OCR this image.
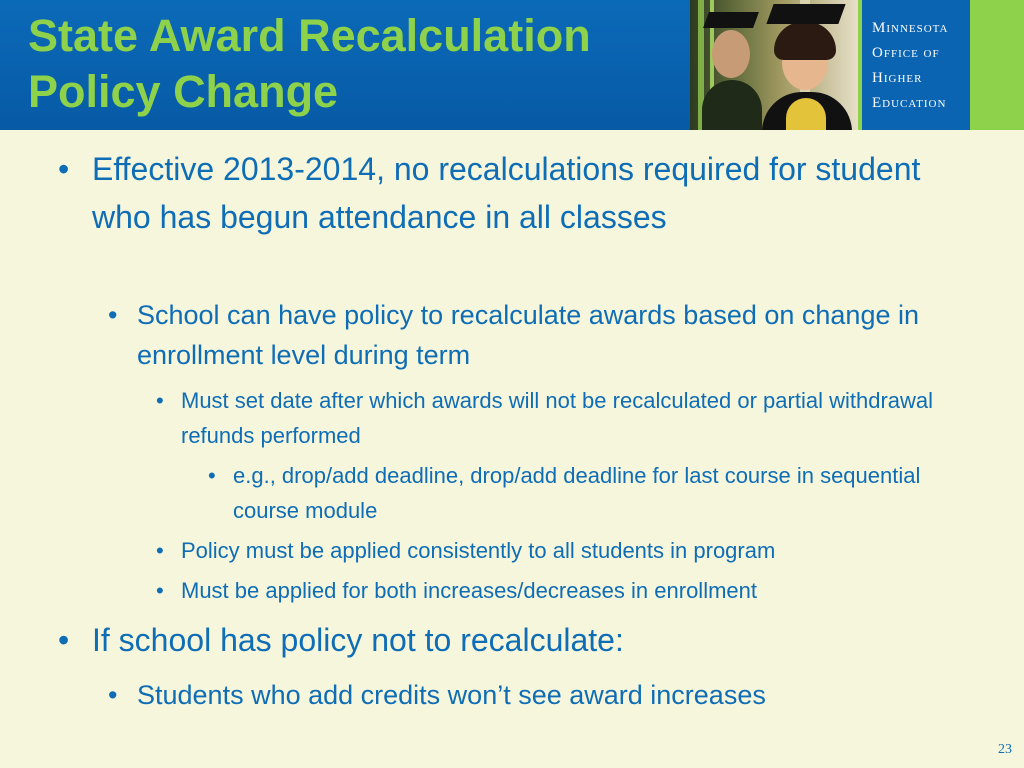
State Award Recalculation
Policy Change
Minnesota
Office of
Higher
Education
• Effective 2013-2014, no recalculations required for student who has begun attendance in all classes
• School can have policy to recalculate awards based on change in enrollment level during term
• Must set date after which awards will not be recalculated or partial withdrawal refunds performed
• e.g., drop/add deadline, drop/add deadline for last course in sequential course module
• Policy must be applied consistently to all students in program
• Must be applied for both increases/decreases in enrollment
• If school has policy not to recalculate:
• Students who add credits won’t see award increases
23
